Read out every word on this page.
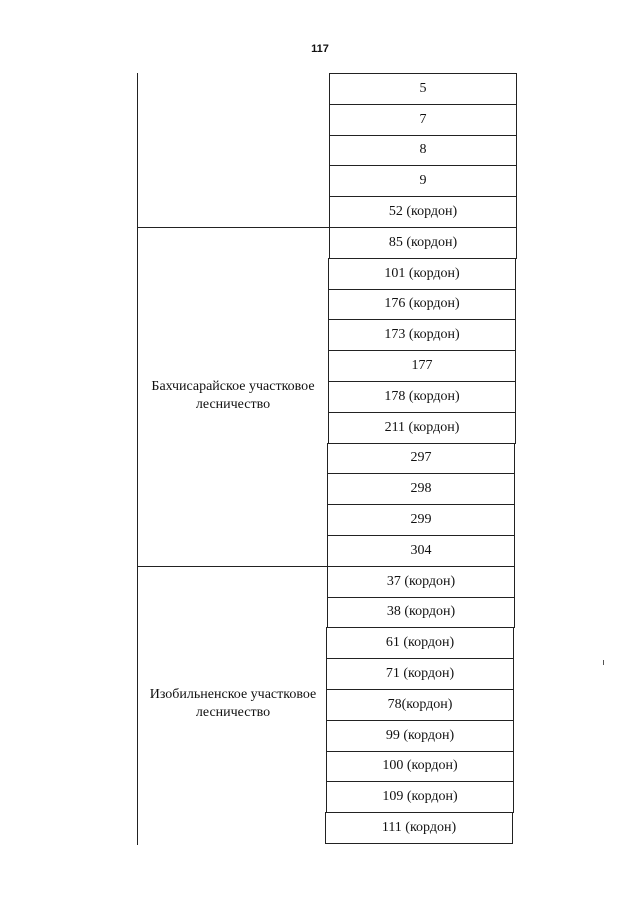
117
5
7
8
9
52 (кордон)
85 (кордон)
101 (кордон)
176 (кордон)
173 (кордон)
177
178 (кордон)
211 (кордон)
297
298
299
304
Бахчисарайское участковое
лесничество
37 (кордон)
38 (кордон)
61 (кордон)
71 (кордон)
78(кордон)
99 (кордон)
100 (кордон)
109 (кордон)
111 (кордон)
Изобильненское участковое
лесничество
